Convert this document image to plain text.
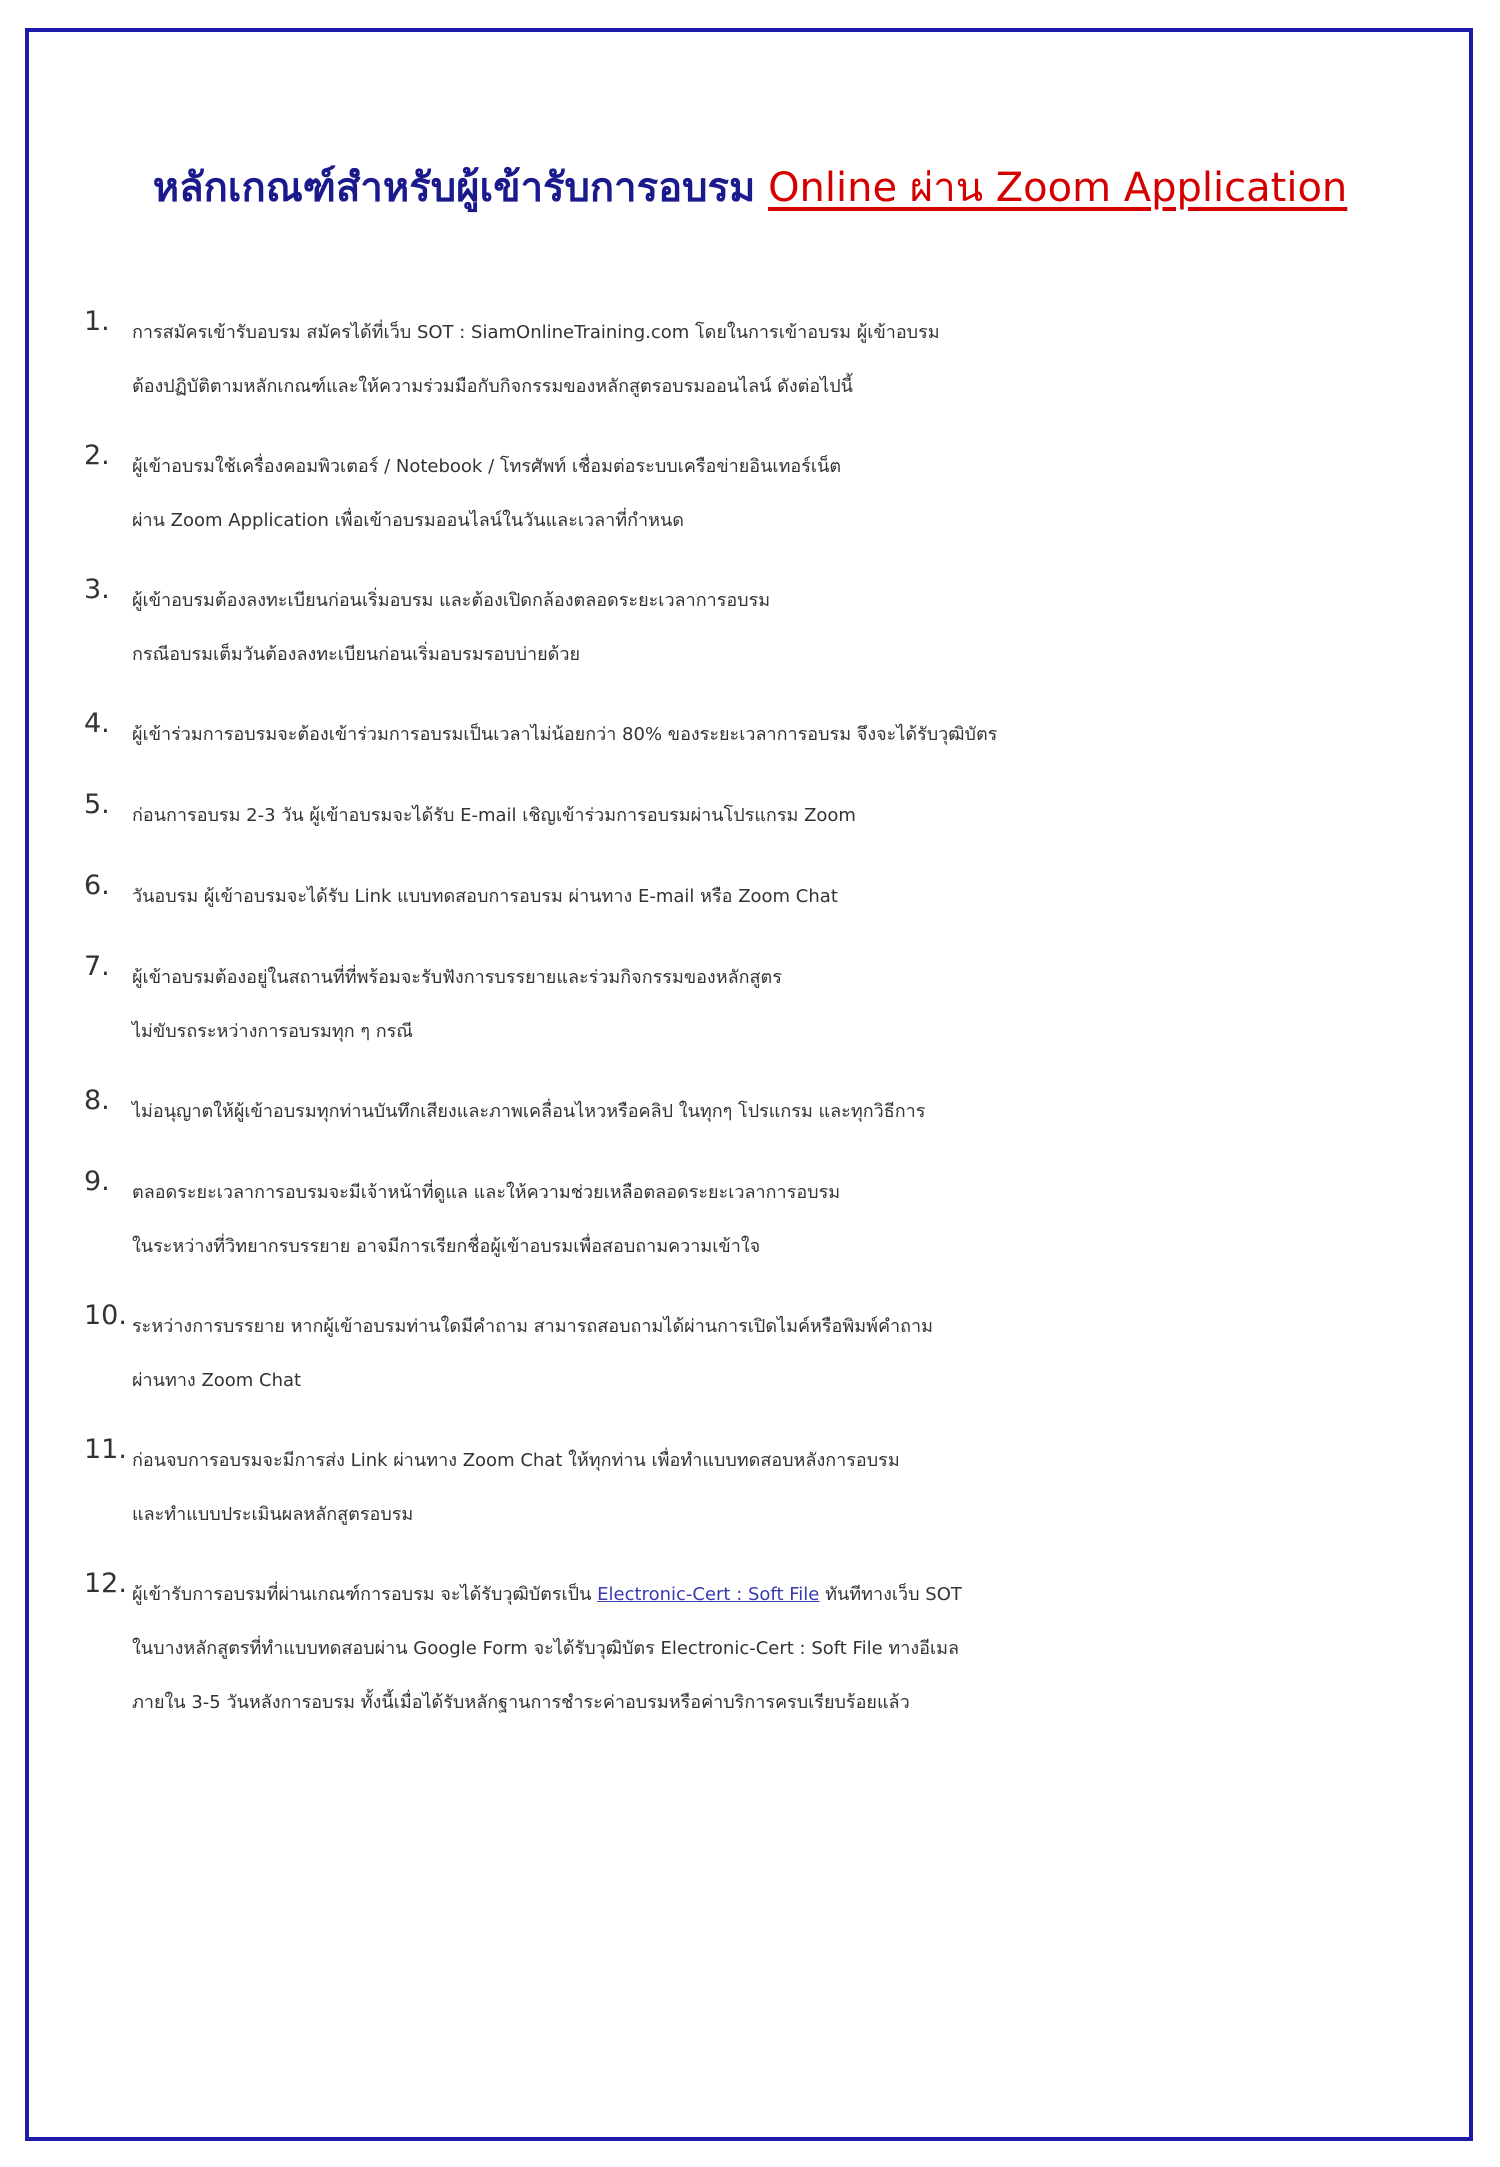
หลักเกณฑ์สำหรับผู้เข้ารับการอบรม Online ผ่าน Zoom Application
1. การสมัครเข้ารับอบรม สมัครได้ที่เว็บ SOT : SiamOnlineTraining.com โดยในการเข้าอบรม ผู้เข้าอบรม
ต้องปฏิบัติตามหลักเกณฑ์และให้ความร่วมมือกับกิจกรรมของหลักสูตรอบรมออนไลน์ ดังต่อไปนี้
2. ผู้เข้าอบรมใช้เครื่องคอมพิวเตอร์ / Notebook / โทรศัพท์ เชื่อมต่อระบบเครือข่ายอินเทอร์เน็ต
ผ่าน Zoom Application เพื่อเข้าอบรมออนไลน์ในวันและเวลาที่กำหนด
3. ผู้เข้าอบรมต้องลงทะเบียนก่อนเริ่มอบรม และต้องเปิดกล้องตลอดระยะเวลาการอบรม
กรณีอบรมเต็มวันต้องลงทะเบียนก่อนเริ่มอบรมรอบบ่ายด้วย
4. ผู้เข้าร่วมการอบรมจะต้องเข้าร่วมการอบรมเป็นเวลาไม่น้อยกว่า 80% ของระยะเวลาการอบรม จึงจะได้รับวุฒิบัตร
5. ก่อนการอบรม 2-3 วัน ผู้เข้าอบรมจะได้รับ E-mail เชิญเข้าร่วมการอบรมผ่านโปรแกรม Zoom
6. วันอบรม ผู้เข้าอบรมจะได้รับ Link แบบทดสอบการอบรม ผ่านทาง E-mail หรือ Zoom Chat
7. ผู้เข้าอบรมต้องอยู่ในสถานที่ที่พร้อมจะรับฟังการบรรยายและร่วมกิจกรรมของหลักสูตร
ไม่ขับรถระหว่างการอบรมทุก ๆ กรณี
8. ไม่อนุญาตให้ผู้เข้าอบรมทุกท่านบันทึกเสียงและภาพเคลื่อนไหวหรือคลิป ในทุกๆ โปรแกรม และทุกวิธีการ
9. ตลอดระยะเวลาการอบรมจะมีเจ้าหน้าที่ดูแล และให้ความช่วยเหลือตลอดระยะเวลาการอบรม
ในระหว่างที่วิทยากรบรรยาย อาจมีการเรียกชื่อผู้เข้าอบรมเพื่อสอบถามความเข้าใจ
10. ระหว่างการบรรยาย หากผู้เข้าอบรมท่านใดมีคำถาม สามารถสอบถามได้ผ่านการเปิดไมค์หรือพิมพ์คำถาม
ผ่านทาง Zoom Chat
11. ก่อนจบการอบรมจะมีการส่ง Link ผ่านทาง Zoom Chat ให้ทุกท่าน เพื่อทำแบบทดสอบหลังการอบรม
และทำแบบประเมินผลหลักสูตรอบรม
12. ผู้เข้ารับการอบรมที่ผ่านเกณฑ์การอบรม จะได้รับวุฒิบัตรเป็น Electronic-Cert : Soft File ทันทีทางเว็บ SOT
ในบางหลักสูตรที่ทำแบบทดสอบผ่าน Google Form จะได้รับวุฒิบัตร Electronic-Cert : Soft File ทางอีเมล
ภายใน 3-5 วันหลังการอบรม ทั้งนี้เมื่อได้รับหลักฐานการชำระค่าอบรมหรือค่าบริการครบเรียบร้อยแล้ว
